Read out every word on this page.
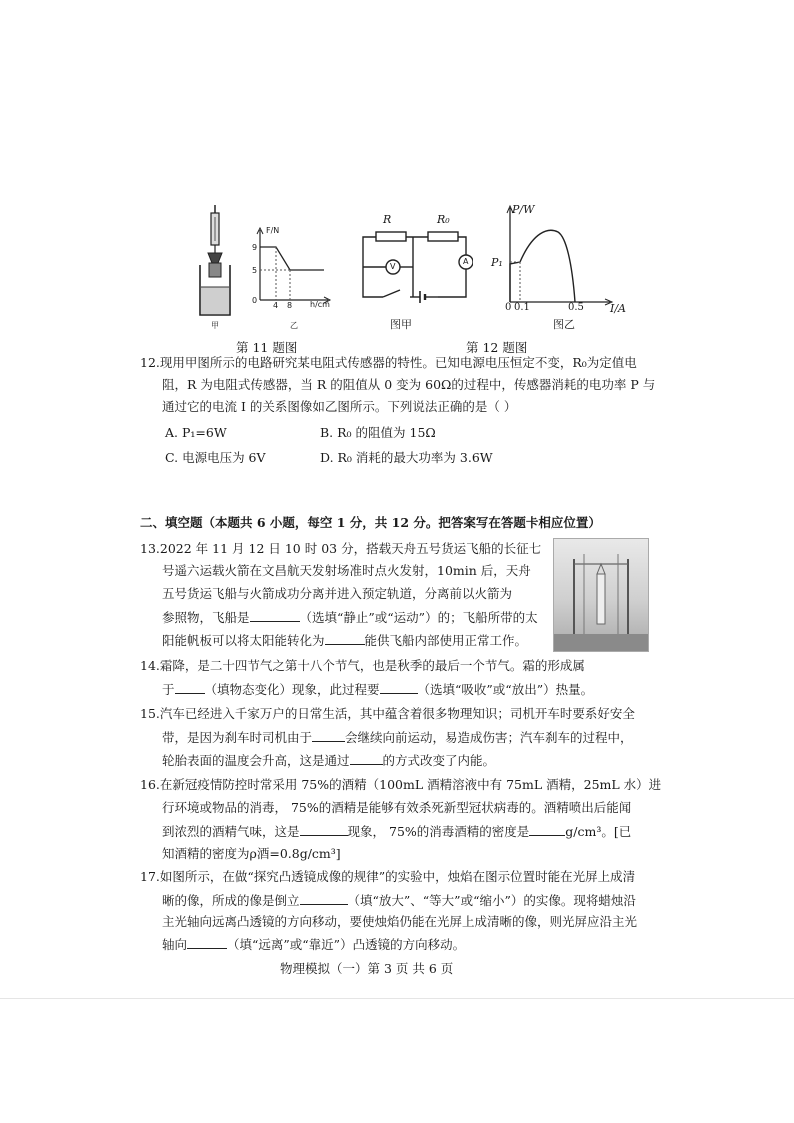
甲
F/N
9
5
0
4 8 h/cm
乙
R	R₀
V
A
图甲
P/W
P₁
0 0.1	0.5 I/A
图乙
第 11 题图	第 12 题图
12.现用甲图所示的电路研究某电阻式传感器的特性。已知电源电压恒定不变，R₀为定值电
阻，R 为电阻式传感器，当 R 的阻值从 0 变为 60Ω的过程中，传感器消耗的电功率 P 与
通过它的电流 I 的关系图像如乙图所示。下列说法正确的是（ ）
A. P₁=6W	B. R₀ 的阻值为 15Ω
C. 电源电压为 6V	D. R₀ 消耗的最大功率为 3.6W
二、填空题（本题共 6 小题，每空 1 分，共 12 分。把答案写在答题卡相应位置）
13.2022 年 11 月 12 日 10 时 03 分，搭载天舟五号货运飞船的长征七
号遥六运载火箭在文昌航天发射场准时点火发射，10min 后，天舟
五号货运飞船与火箭成功分离并进入预定轨道，分离前以火箭为
参照物，飞船是	（选填“静止”或“运动”）的；飞船所带的太
阳能帆板可以将太阳能转化为	能供飞船内部使用正常工作。
14.霜降，是二十四节气之第十八个节气，也是秋季的最后一个节气。霜的形成属
于 （填物态变化）现象，此过程要	（选填“吸收”或“放出”）热量。
15.汽车已经进入千家万户的日常生活，其中蕴含着很多物理知识；司机开车时要系好安全
带，是因为刹车时司机由于	会继续向前运动，易造成伤害；汽车刹车的过程中，
轮胎表面的温度会升高，这是通过	的方式改变了内能。
16.在新冠疫情防控时常采用 75%的酒精（100mL 酒精溶液中有 75mL 酒精，25mL 水）进
行环境或物品的消毒， 75%的酒精是能够有效杀死新型冠状病毒的。酒精喷出后能闻
到浓烈的酒精气味，这是	现象， 75%的消毒酒精的密度是	g/cm³。[已
知酒精的密度为ρ酒=0.8g/cm³]
17.如图所示，在做“探究凸透镜成像的规律”的实验中，烛焰在图示位置时能在光屏上成清
晰的像，所成的像是倒立	（填“放大”、“等大”或“缩小”）的实像。现将蜡烛沿
主光轴向远离凸透镜的方向移动，要使烛焰仍能在光屏上成清晰的像，则光屏应沿主光
轴向	（填“远离”或“靠近”）凸透镜的方向移动。
物理模拟（一）第 3 页 共 6 页
